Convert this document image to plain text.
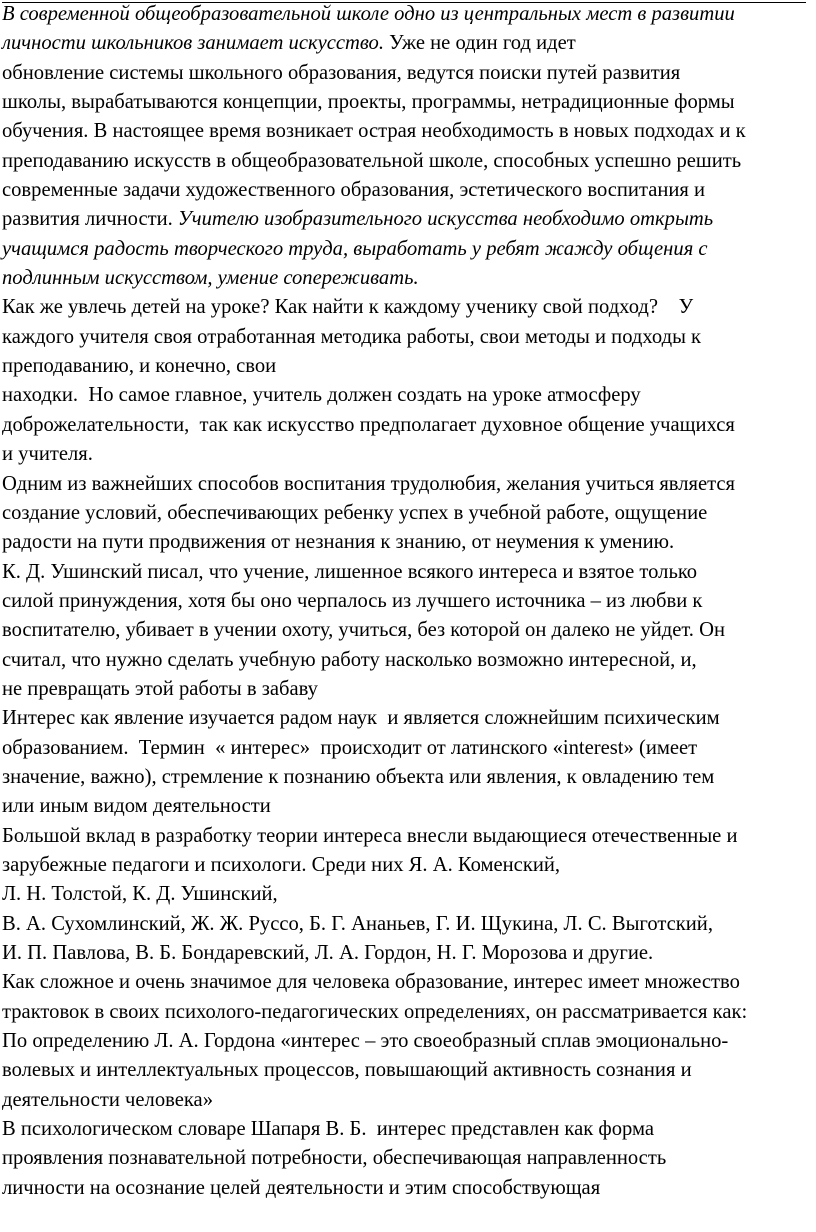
В современной общеобразовательной школе одно из центральных мест в развитии
личности школьников занимает искусство. Уже не один год идет
обновление системы школьного образования, ведутся поиски путей развития
школы, вырабатываются концепции, проекты, программы, нетрадиционные формы
обучения. В настоящее время возникает острая необходимость в новых подходах и к
преподаванию искусств в общеобразовательной школе, способных успешно решить
современные задачи художественного образования, эстетического воспитания и
развития личности. Учителю изобразительного искусства необходимо открыть
учащимся радость творческого труда, выработать у ребят жажду общения с
подлинным искусством, умение сопереживать.
Как же увлечь детей на уроке? Как найти к каждому ученику свой подход?    У
каждого учителя своя отработанная методика работы, свои методы и подходы к
преподаванию, и конечно, свои
находки.  Но самое главное, учитель должен создать на уроке атмосферу
доброжелательности,  так как искусство предполагает духовное общение учащихся
и учителя.
Одним из важнейших способов воспитания трудолюбия, желания учиться является
создание условий, обеспечивающих ребенку успех в учебной работе, ощущение
радости на пути продвижения от незнания к знанию, от неумения к умению.
К. Д. Ушинский писал, что учение, лишенное всякого интереса и взятое только
силой принуждения, хотя бы оно черпалось из лучшего источника – из любви к
воспитателю, убивает в учении охоту, учиться, без которой он далеко не уйдет. Он
считал, что нужно сделать учебную работу насколько возможно интересной, и,
не превращать этой работы в забаву
Интерес как явление изучается радом наук  и является сложнейшим психическим
образованием.  Термин  « интерес»  происходит от латинского «interest» (имеет
значение, важно), стремление к познанию объекта или явления, к овладению тем
или иным видом деятельности
Большой вклад в разработку теории интереса внесли выдающиеся отечественные и
зарубежные педагоги и психологи. Среди них Я. А. Коменский,
Л. Н. Толстой, К. Д. Ушинский,
В. А. Сухомлинский, Ж. Ж. Руссо, Б. Г. Ананьев, Г. И. Щукина, Л. С. Выготский,
И. П. Павлова, В. Б. Бондаревский, Л. А. Гордон, Н. Г. Морозова и другие.
Как сложное и очень значимое для человека образование, интерес имеет множество
трактовок в своих психолого-педагогических определениях, он рассматривается как:
По определению Л. А. Гордона «интерес – это своеобразный сплав эмоционально-
волевых и интеллектуальных процессов, повышающий активность сознания и
деятельности человека»
В психологическом словаре Шапаря В. Б.  интерес представлен как форма
проявления познавательной потребности, обеспечивающая направленность
личности на осознание целей деятельности и этим способствующая
